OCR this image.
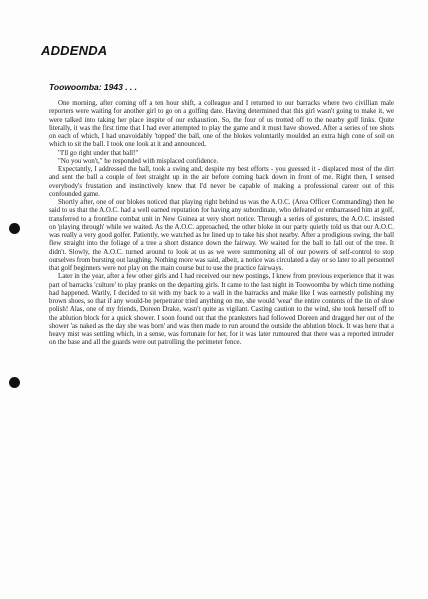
ADDENDA
Toowoomba: 1943 . . .

One morning, after coming off a ten hour shift, a colleague and I returned to our barracks where two civillian male reporters were waiting for another girl to go on a golfing date. Having determined that this girl wasn't going to make it, we were talked into taking her place inspite of our exhaustion. So, the four of us trotted off to the nearby golf links. Quite literally, it was the first time that I had ever attempted to play the game and it must have showed. After a series of tee shots on each of which, I had unavoidably 'topped' the ball, one of the blokes voluntarily moulded an extra high cone of soil on which to sit the ball. I took one look at it and announced,

"I'll go right under that ball!"

"No you won't," he responded with misplaced confidence.

Expectantly, I addressed the ball, took a swing and, despite my best efforts - you guessed it - displaced most of the dirt and sent the ball a couple of feet straight up in the air before coming back down in front of me. Right then, I sensed everybody's frustation and instinctively knew that I'd never be capable of making a professional career out of this confounded game.

Shortly after, one of our blokes noticed that playing right behind us was the A.O.C. (Area Officer Commanding) then he said to us that the A.O.C. had a well earned reputation for having any subordinate, who defeated or embarrassed him at golf, transferred to a frontline combat unit in New Guinea at very short notice. Through a series of gestures, the A.O.C. insisted on 'playing through' while we waited. As the A.O.C. approached, the other bloke in our party quietly told us that our A.O.C. was really a very good golfer. Patiently, we watched as he lined up to take his shot nearby. After a prodigious swing, the ball flew straight into the foliage of a tree a short distance down the fairway. We waited for the ball to fall out of the tree. It didn't. Slowly, the A.O.C. turned around to look at us as we were summoning all of our powers of self-control to stop ourselves from bursting out laughing. Nothing more was said, albeit, a notice was circulated a day or so later to all personnel that golf beginners were not play on the main course but to use the practice fairways.

Later in the year, after a few other girls and I had received our new postings, I knew from previous experience that it was part of barracks 'culture' to play pranks on the departing girls. It came to the last night in Toowoomba by which time nothing had happened. Warily, I decided to sit with my back to a wall in the barracks and make like I was earnestly polishing my brown shoes, so that if any would-be perpetrator tried anything on me, she would 'wear' the entire contents of the tin of shoe polish! Alas, one of my friends, Doreen Drake, wasn't quite as vigilant. Casting caution to the wind, she took herself off to the ablution block for a quick shower. I soon found out that the pranksters had followed Doreen and dragged her out of the shower 'as naked as the day she was born' and was then made to run around the outside the ablution block. It was here that a heavy mist was settling which, in a sense, was fortunate for her, for it was later rumoured that there was a reported intruder on the base and all the guards were out patrolling the perimeter fence.
